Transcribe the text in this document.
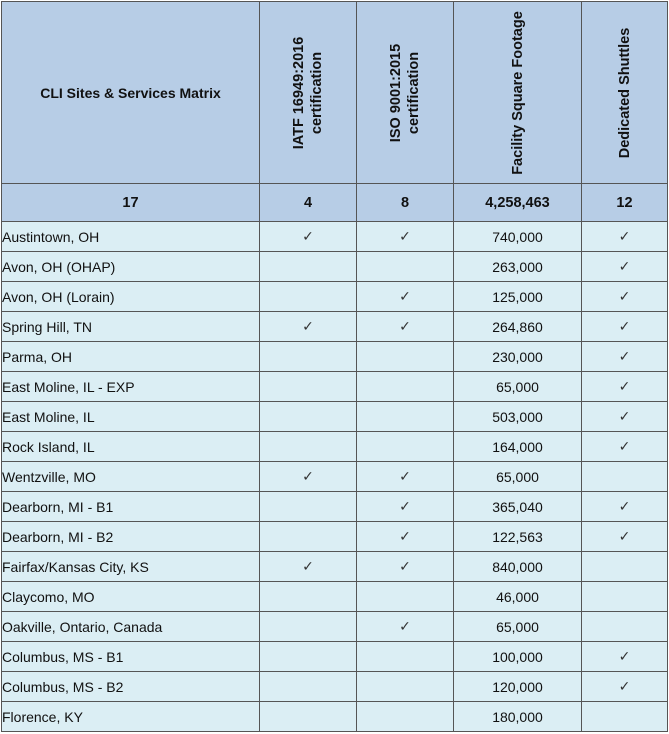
CLI Sites & Services Matrix	IATF 16949:2016 certification	ISO 9001:2015 certification	Facility Square Footage	Dedicated Shuttles

17	4	8	4,258,463	12
Austintown, OH	✓	✓	740,000	✓
Avon, OH (OHAP)			263,000	✓
Avon, OH (Lorain)		✓	125,000	✓
Spring Hill, TN	✓	✓	264,860	✓
Parma, OH			230,000	✓
East Moline, IL - EXP			65,000	✓
East Moline, IL			503,000	✓
Rock Island, IL			164,000	✓
Wentzville, MO	✓	✓	65,000	
Dearborn, MI - B1		✓	365,040	✓
Dearborn, MI - B2		✓	122,563	✓
Fairfax/Kansas City, KS	✓	✓	840,000	
Claycomo, MO			46,000	
Oakville, Ontario, Canada		✓	65,000	
Columbus, MS - B1			100,000	✓
Columbus, MS - B2			120,000	✓
Florence, KY			180,000	
